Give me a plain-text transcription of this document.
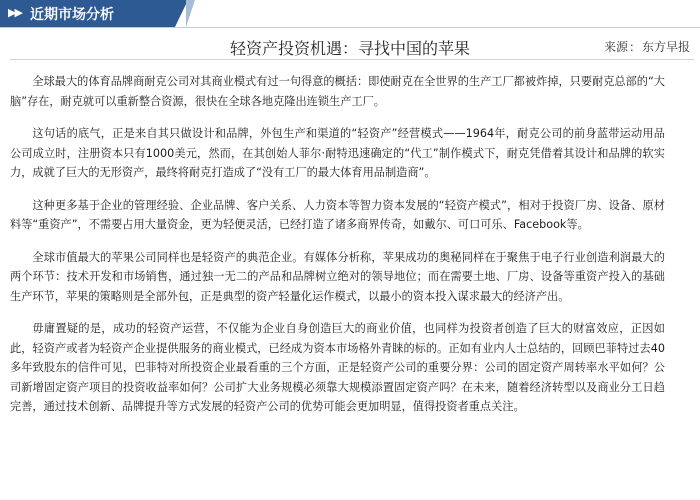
▶▶ 近期市场分析
轻资产投资机遇：寻找中国的苹果	来源：东方早报

全球最大的体育品牌商耐克公司对其商业模式有过一句得意的概括：即使耐克在全世界的生产工厂都被炸掉，只要耐克总部的“大脑”存在，耐克就可以重新整合资源，很快在全球各地克隆出连锁生产工厂。

这句话的底气，正是来自其只做设计和品牌，外包生产和渠道的“轻资产”经营模式——1964年，耐克公司的前身蓝带运动用品公司成立时，注册资本只有1000美元，然而，在其创始人菲尔·耐特迅速确定的“代工”制作模式下，耐克凭借着其设计和品牌的软实力，成就了巨大的无形资产，最终将耐克打造成了“没有工厂的最大体育用品制造商”。

这种更多基于企业的管理经验、企业品牌、客户关系、人力资本等智力资本发展的“轻资产模式”，相对于投资厂房、设备、原材料等“重资产”，不需要占用大量资金，更为轻便灵活，已经打造了诸多商界传奇，如戴尔、可口可乐、Facebook等。

全球市值最大的苹果公司同样也是轻资产的典范企业。有媒体分析称，苹果成功的奥秘同样在于聚焦于电子行业创造利润最大的两个环节：技术开发和市场销售，通过独一无二的产品和品牌树立绝对的领导地位；而在需要土地、厂房、设备等重资产投入的基础生产环节，苹果的策略则是全部外包，正是典型的资产轻量化运作模式，以最小的资本投入谋求最大的经济产出。

毋庸置疑的是，成功的轻资产运营，不仅能为企业自身创造巨大的商业价值，也同样为投资者创造了巨大的财富效应，正因如此，轻资产或者为轻资产企业提供服务的商业模式，已经成为资本市场格外青睐的标的。正如有业内人士总结的，回顾巴菲特过去40多年致股东的信件可见，巴菲特对所投资企业最看重的三个方面，正是轻资产公司的重要分界：公司的固定资产周转率水平如何？公司新增固定资产项目的投资收益率如何？公司扩大业务规模必须靠大规模添置固定资产吗？在未来，随着经济转型以及商业分工日趋完善，通过技术创新、品牌提升等方式发展的轻资产公司的优势可能会更加明显，值得投资者重点关注。
